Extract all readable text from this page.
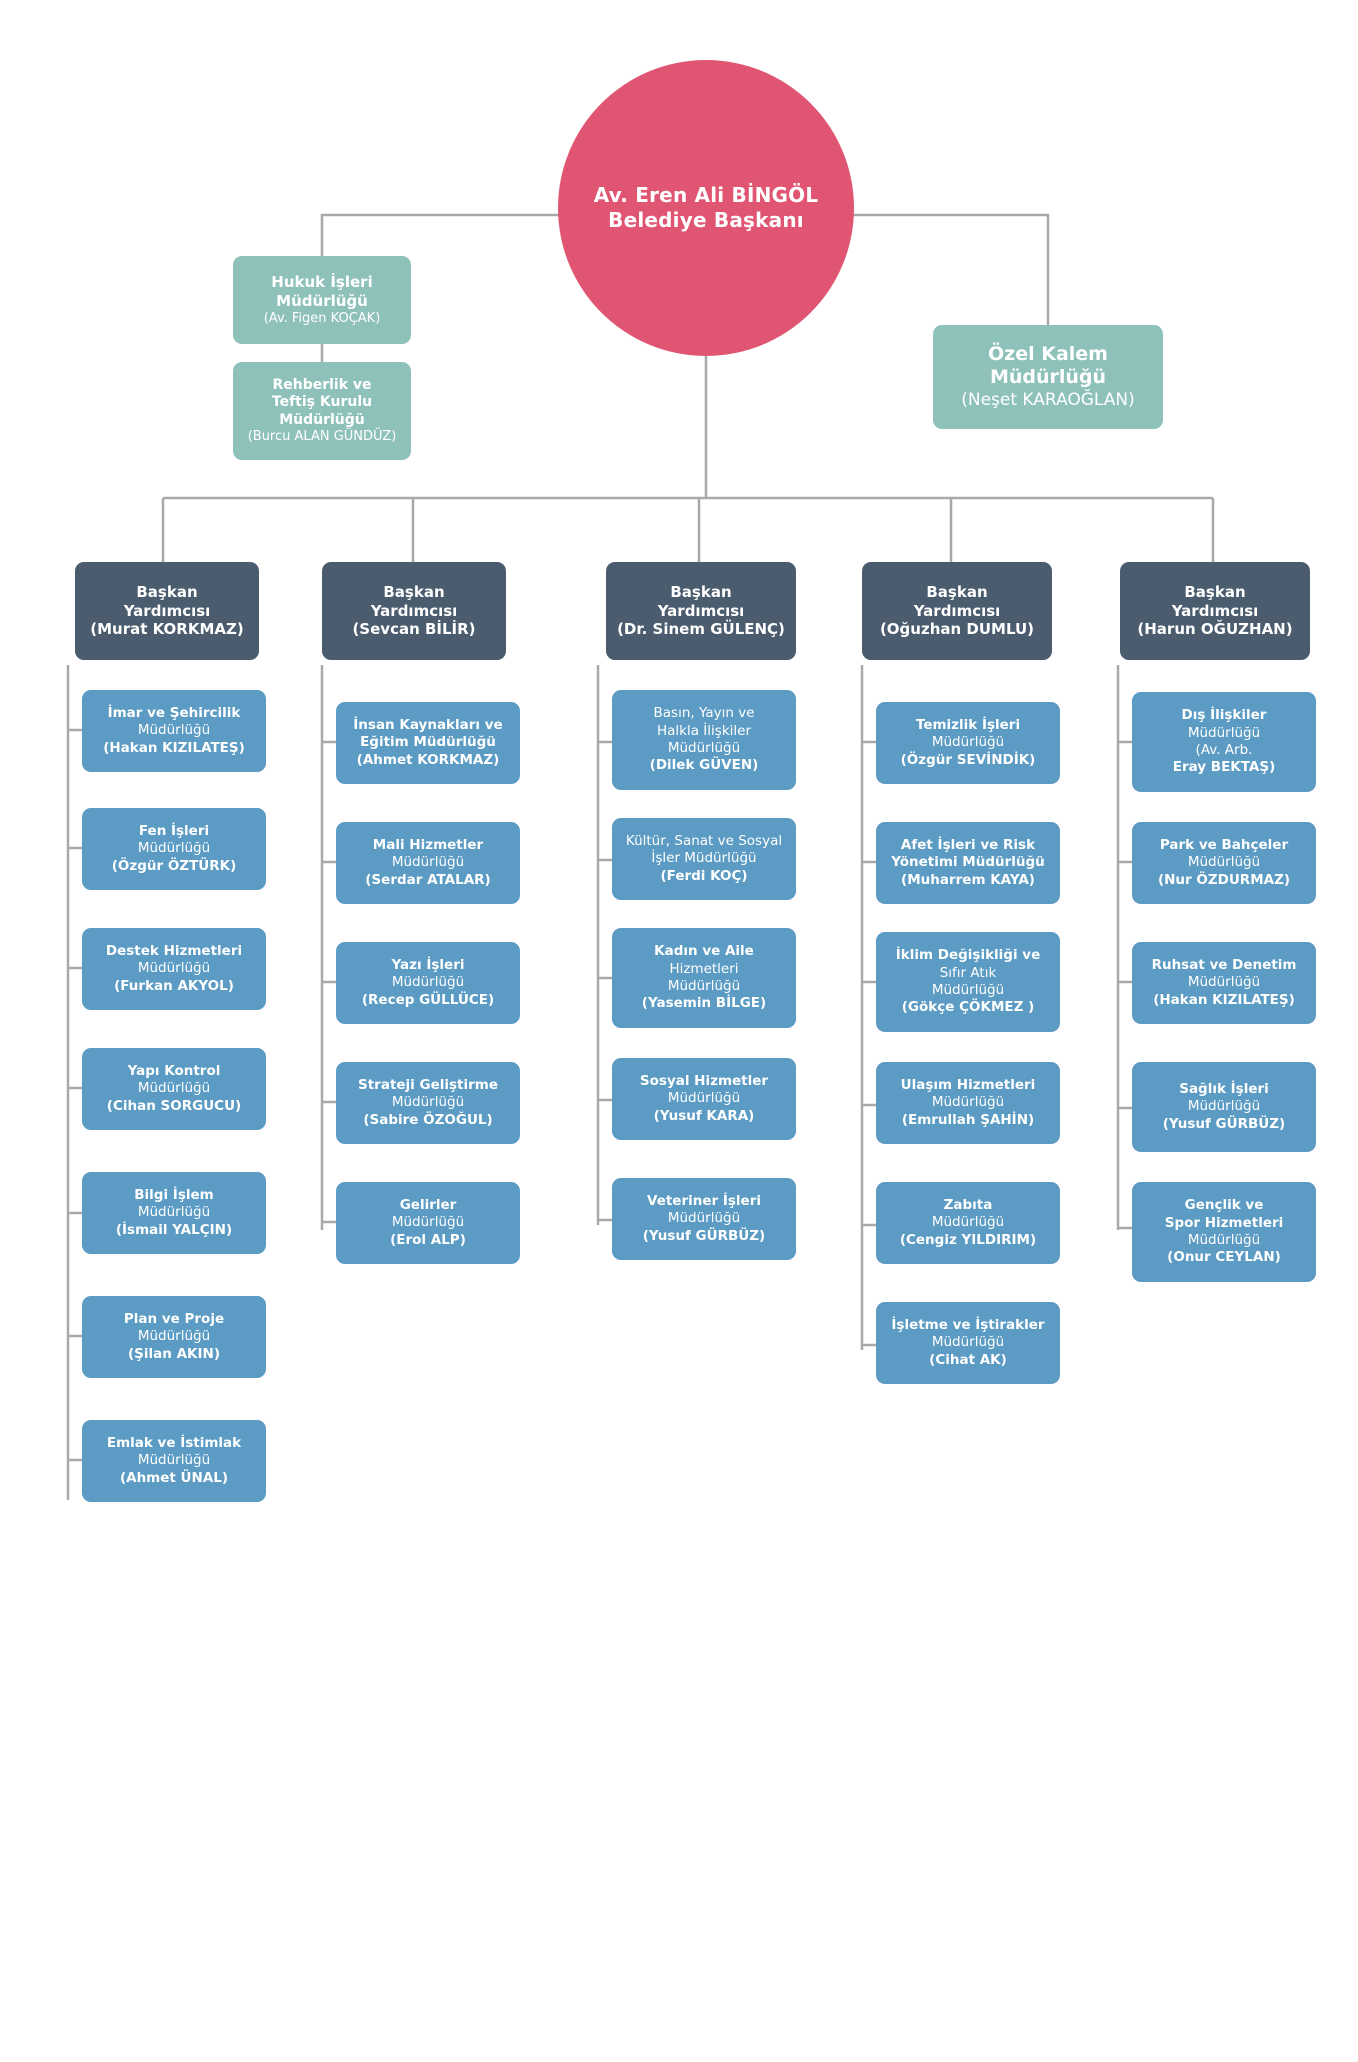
Av. Eren Ali BİNGÖL
Belediye Başkanı
Hukuk İşleri
Müdürlüğü
(Av. Figen KOÇAK)
Rehberlik ve
Teftiş Kurulu
Müdürlüğü
(Burcu ALAN GÜNDÜZ)
Özel Kalem
Müdürlüğü
(Neşet KARAOĞLAN)
Başkan
Yardımcısı
(Murat KORKMAZ)
İmar ve Şehircilik
Müdürlüğü
(Hakan KIZILATEŞ)
Fen İşleri
Müdürlüğü
(Özgür ÖZTÜRK)
Destek Hizmetleri
Müdürlüğü
(Furkan AKYOL)
Yapı Kontrol
Müdürlüğü
(Cihan SORGUCU)
Bilgi İşlem
Müdürlüğü
(İsmail YALÇIN)
Plan ve Proje
Müdürlüğü
(Şilan AKIN)
Emlak ve İstimlak
Müdürlüğü
(Ahmet ÜNAL)
Başkan
Yardımcısı
(Sevcan BİLİR)
İnsan Kaynakları ve
Eğitim Müdürlüğü
(Ahmet KORKMAZ)
Mali Hizmetler
Müdürlüğü
(Serdar ATALAR)
Yazı İşleri
Müdürlüğü
(Recep GÜLLÜCE)
Strateji Geliştirme
Müdürlüğü
(Sabire ÖZOĞUL)
Gelirler
Müdürlüğü
(Erol ALP)
Başkan
Yardımcısı
(Dr. Sinem GÜLENÇ)
Basın, Yayın ve
Halkla İlişkiler
Müdürlüğü
(Dilek GÜVEN)
Kültür, Sanat ve Sosyal
İşler Müdürlüğü
(Ferdi KOÇ)
Kadın ve Aile
Hizmetleri
Müdürlüğü
(Yasemin BİLGE)
Sosyal Hizmetler
Müdürlüğü
(Yusuf KARA)
Veteriner İşleri
Müdürlüğü
(Yusuf GÜRBÜZ)
Başkan
Yardımcısı
(Oğuzhan DUMLU)
Temizlik İşleri
Müdürlüğü
(Özgür SEVİNDİK)
Afet İşleri ve Risk
Yönetimi Müdürlüğü
(Muharrem KAYA)
İklim Değişikliği ve
Sıfır Atık
Müdürlüğü
(Gökçe ÇÖKMEZ )
Ulaşım Hizmetleri
Müdürlüğü
(Emrullah ŞAHİN)
Zabıta
Müdürlüğü
(Cengiz YILDIRIM)
İşletme ve İştirakler
Müdürlüğü
(Cihat AK)
Başkan
Yardımcısı
(Harun OĞUZHAN)
Dış İlişkiler
Müdürlüğü
(Av. Arb.
Eray BEKTAŞ)
Park ve Bahçeler
Müdürlüğü
(Nur ÖZDURMAZ)
Ruhsat ve Denetim
Müdürlüğü
(Hakan KIZILATEŞ)
Sağlık İşleri
Müdürlüğü
(Yusuf GÜRBÜZ)
Gençlik ve
Spor Hizmetleri
Müdürlüğü
(Onur CEYLAN)
